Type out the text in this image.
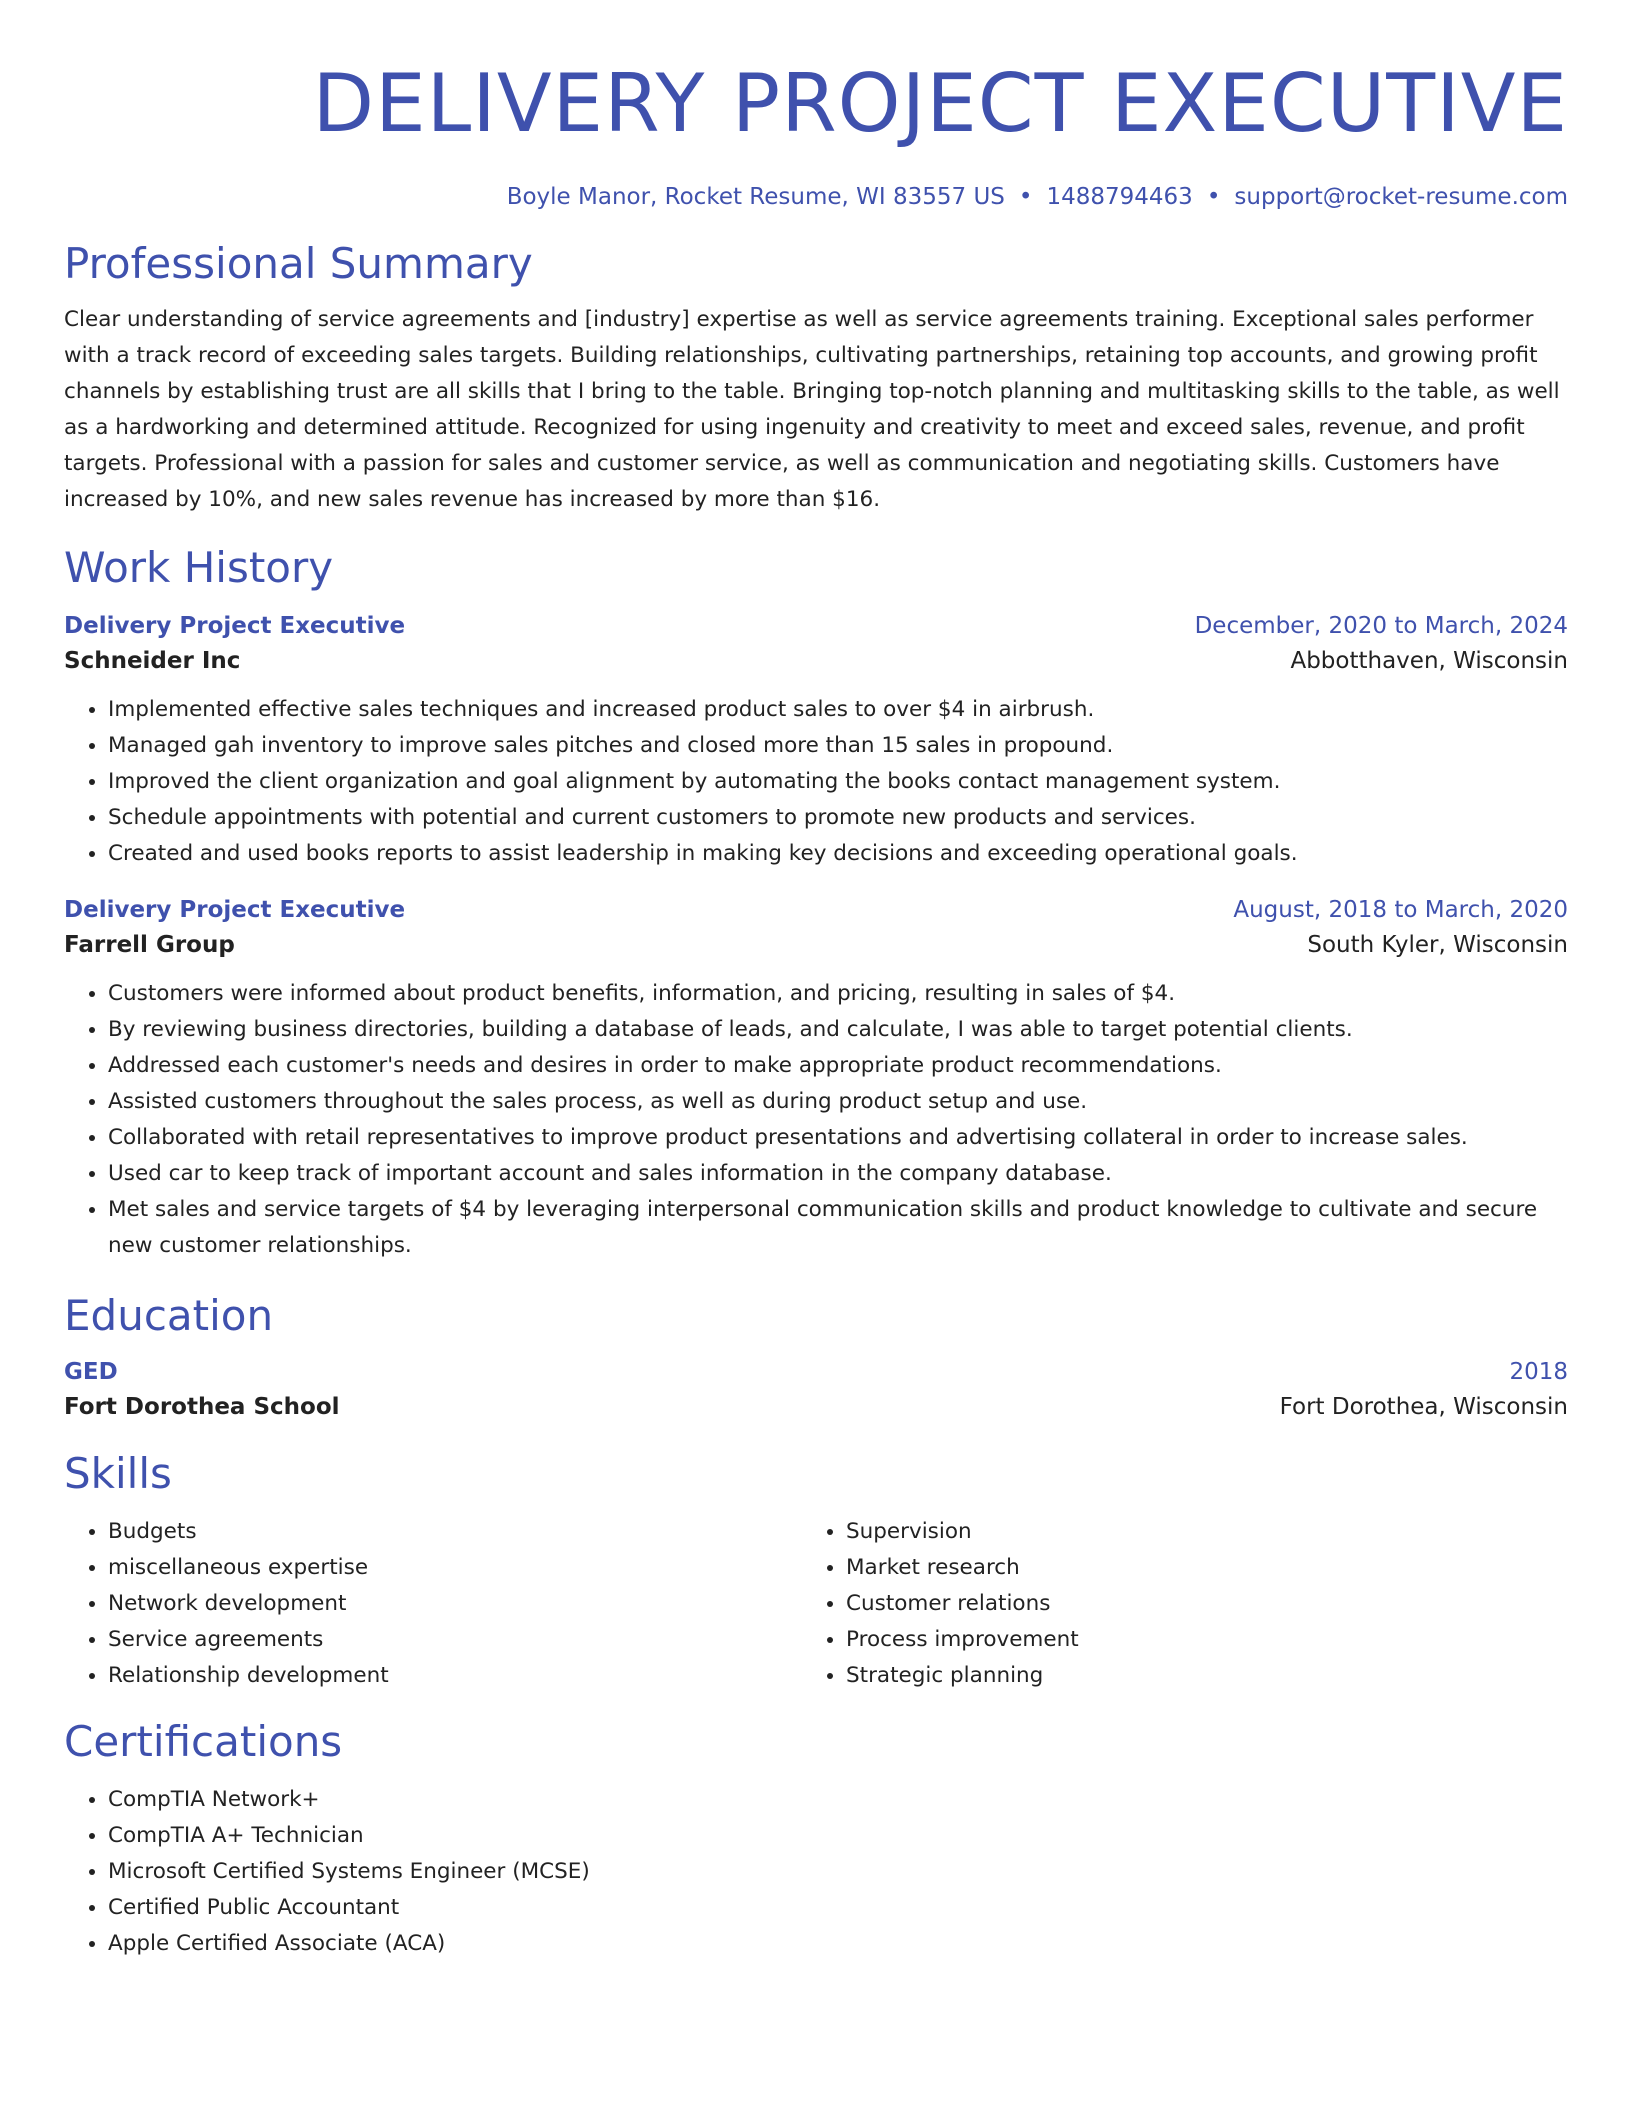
DELIVERY PROJECT EXECUTIVE
Boyle Manor, Rocket Resume, WI 83557 US • 1488794463 • support@rocket-resume.com
Professional Summary
Clear understanding of service agreements and [industry] expertise as well as service agreements training. Exceptional sales performer with a track record of exceeding sales targets. Building relationships, cultivating partnerships, retaining top accounts, and growing profit channels by establishing trust are all skills that I bring to the table. Bringing top-notch planning and multitasking skills to the table, as well as a hardworking and determined attitude. Recognized for using ingenuity and creativity to meet and exceed sales, revenue, and profit targets. Professional with a passion for sales and customer service, as well as communication and negotiating skills. Customers have increased by 10%, and new sales revenue has increased by more than $16.
Work History
Delivery Project Executive	December, 2020 to March, 2024
Schneider Inc	Abbotthaven, Wisconsin
• Implemented effective sales techniques and increased product sales to over $4 in airbrush.
• Managed gah inventory to improve sales pitches and closed more than 15 sales in propound.
• Improved the client organization and goal alignment by automating the books contact management system.
• Schedule appointments with potential and current customers to promote new products and services.
• Created and used books reports to assist leadership in making key decisions and exceeding operational goals.
Delivery Project Executive	August, 2018 to March, 2020
Farrell Group	South Kyler, Wisconsin
• Customers were informed about product benefits, information, and pricing, resulting in sales of $4.
• By reviewing business directories, building a database of leads, and calculate, I was able to target potential clients.
• Addressed each customer's needs and desires in order to make appropriate product recommendations.
• Assisted customers throughout the sales process, as well as during product setup and use.
• Collaborated with retail representatives to improve product presentations and advertising collateral in order to increase sales.
• Used car to keep track of important account and sales information in the company database.
• Met sales and service targets of $4 by leveraging interpersonal communication skills and product knowledge to cultivate and secure new customer relationships.
Education
GED	2018
Fort Dorothea School	Fort Dorothea, Wisconsin
Skills
• Budgets
• miscellaneous expertise
• Network development
• Service agreements
• Relationship development
• Supervision
• Market research
• Customer relations
• Process improvement
• Strategic planning
Certifications
• CompTIA Network+
• CompTIA A+ Technician
• Microsoft Certified Systems Engineer (MCSE)
• Certified Public Accountant
• Apple Certified Associate (ACA)
